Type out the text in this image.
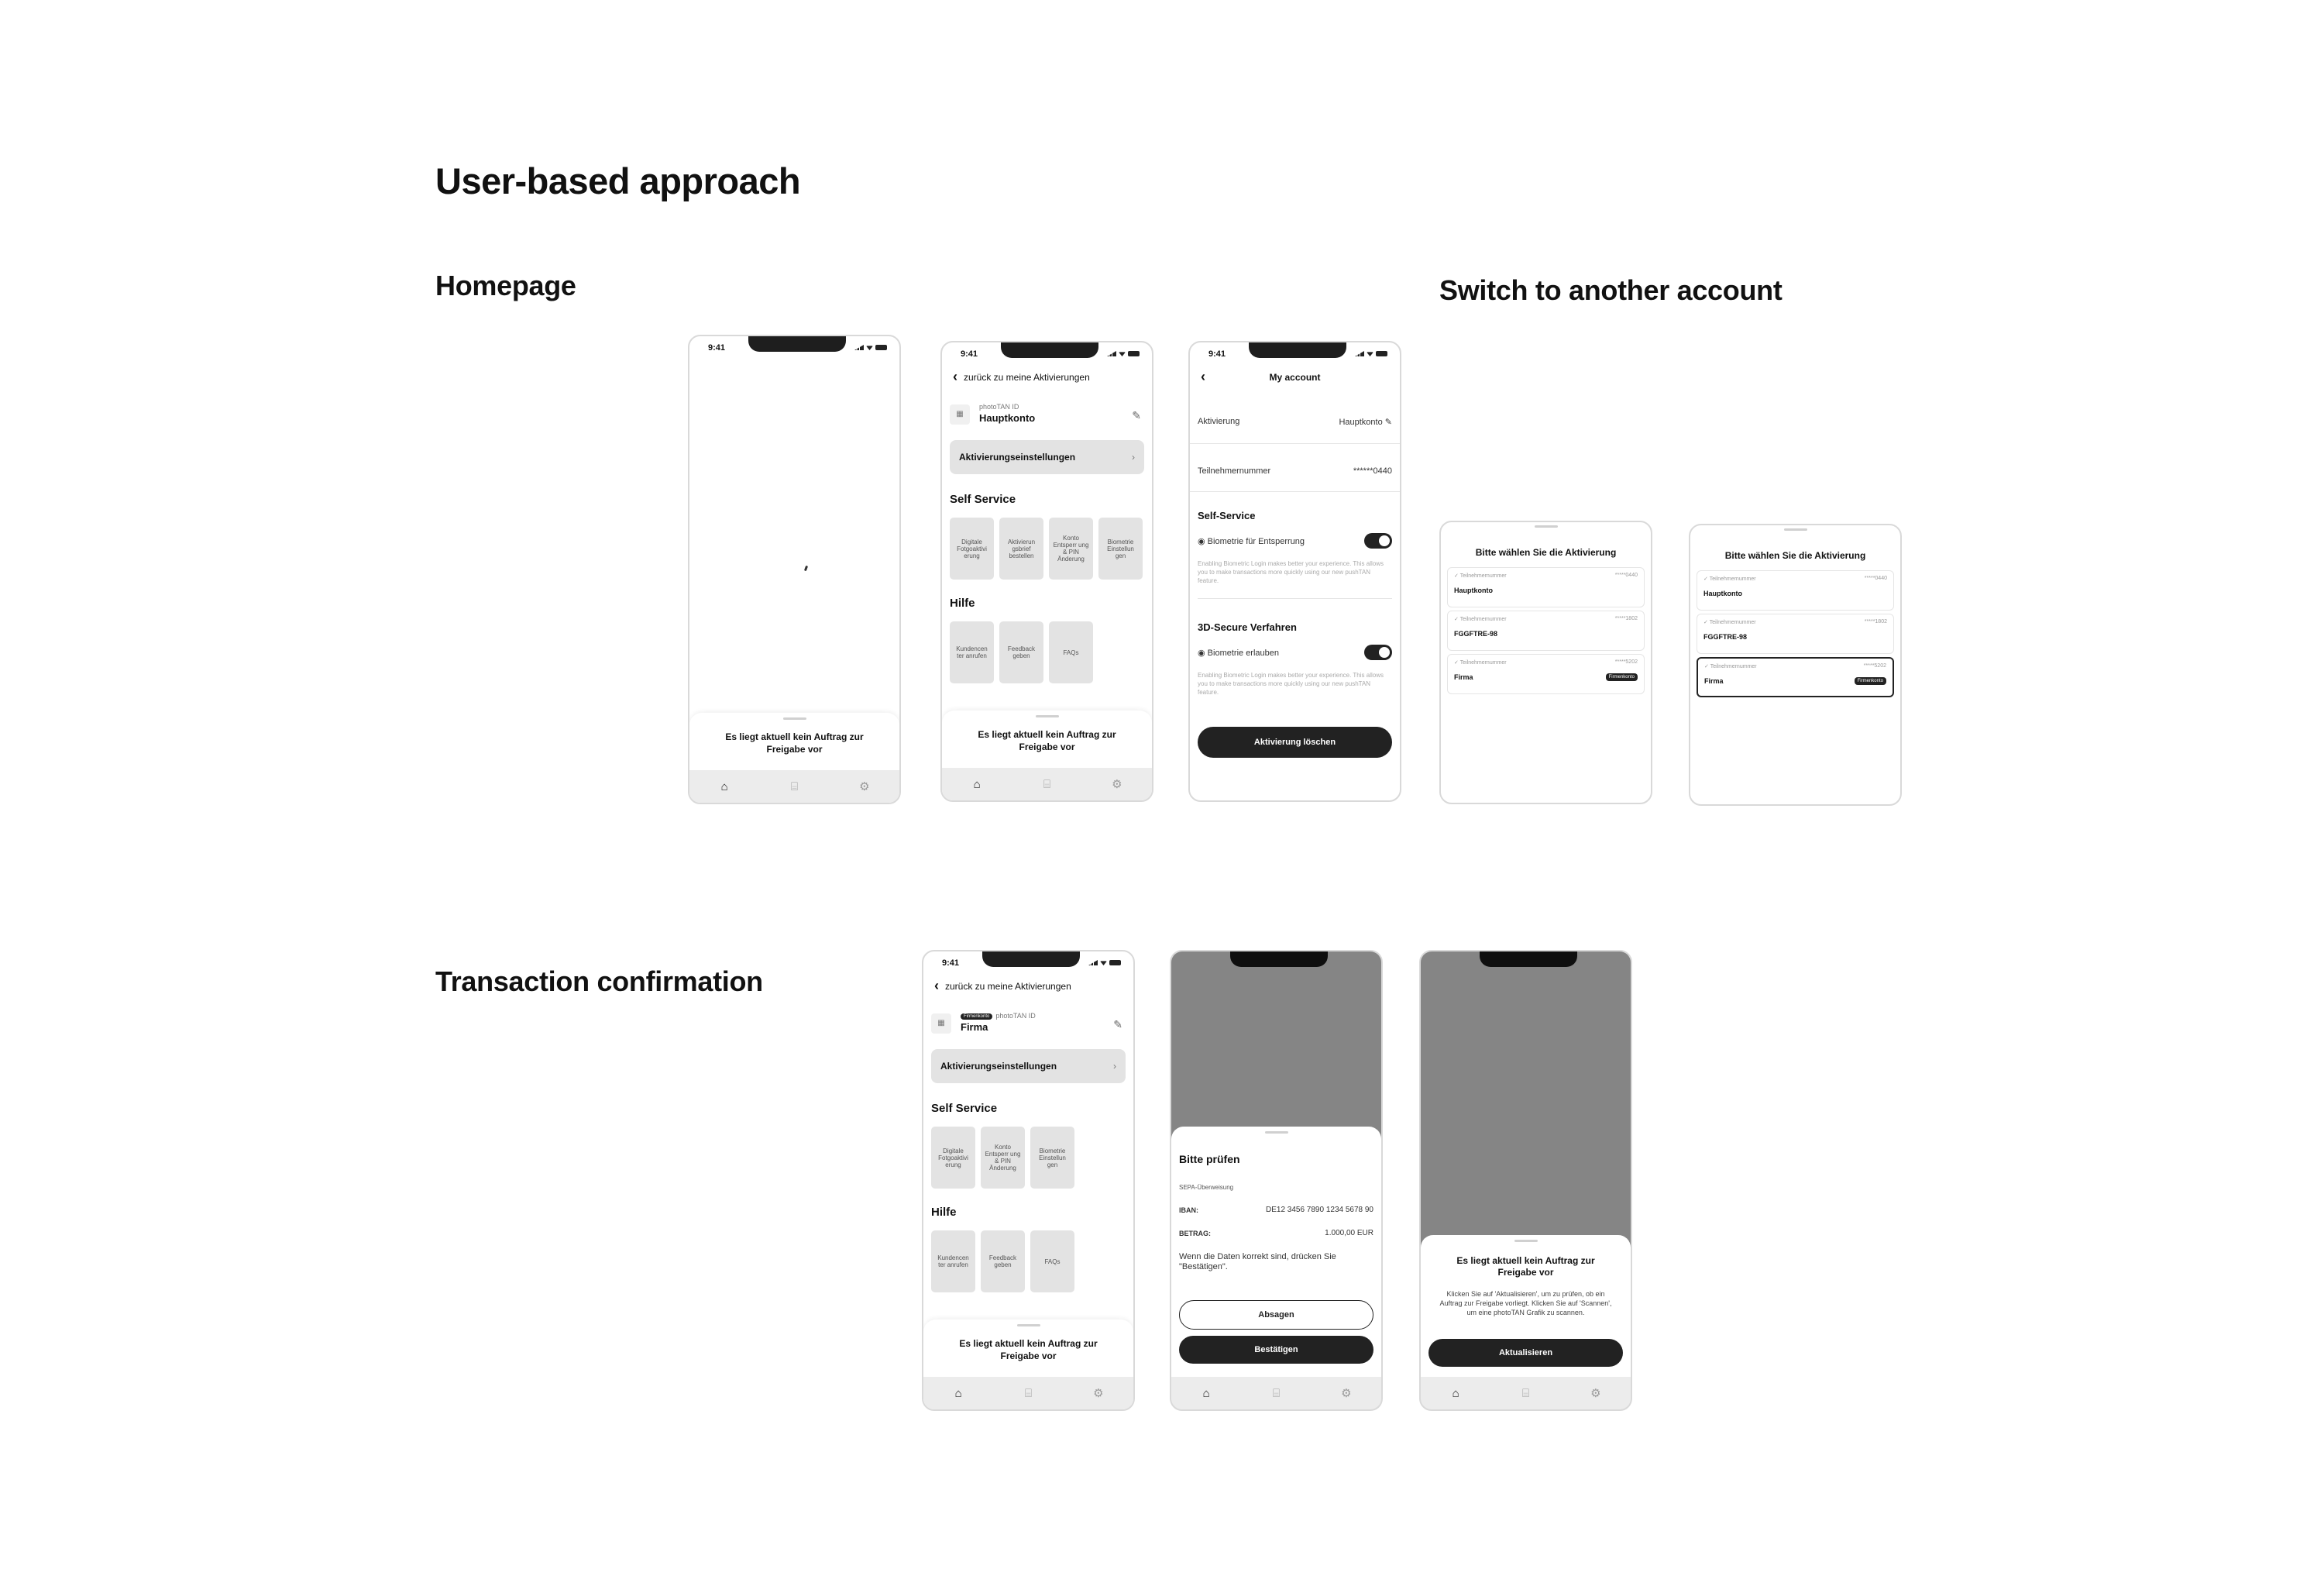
User-based approach
Homepage	Switch to another account
Transaction confirmation
9:41
Es liegt aktuell kein Auftrag zur Freigabe vor
⌂	⌸	⚙
9:41
‹ zurück zu meine Aktivierungen
▦
photoTAN ID
Hauptkonto	✎
Aktivierungseinstellungen	›
Self Service
Digitale Fotgoaktivi erung
Aktivierun gsbrief bestellen
Konto Entsperr ung & PIN Änderung
Biometrie Einstellun gen
Hilfe
Kundencen ter anrufen
Feedback geben	FAQs
Es liegt aktuell kein Auftrag zur Freigabe vor
⌂	⌸	⚙
9:41
‹	My account
Aktivierung	Hauptkonto ✎
Teilnehmernummer	******0440
Self-Service
◉ Biometrie für Entsperrung
Enabling Biometric Login makes better your experience. This allows you to make transactions more quickly using our new pushTAN feature.
3D-Secure Verfahren
◉ Biometrie erlauben
Enabling Biometric Login makes better your experience. This allows you to make transactions more quickly using our new pushTAN feature.
Aktivierung löschen
Bitte wählen Sie die Aktivierung
✓ Teilnehmernummer	*****0440
Hauptkonto
✓ Teilnehmernummer	*****1802
FGGFTRE-98
✓ Teilnehmernummer	*****5202
Firma	Firmenkonto
Bitte wählen Sie die Aktivierung
✓ Teilnehmernummer	*****0440
Hauptkonto
✓ Teilnehmernummer	*****1802
FGGFTRE-98
✓ Teilnehmernummer	*****5202
Firma	Firmenkonto
9:41
‹ zurück zu meine Aktivierungen
▦
Firmenkonto photoTAN ID
Firma	✎
Aktivierungseinstellungen	›
Self Service
Digitale Fotgoaktivi erung
Konto Entsperr ung & PIN Änderung
Biometrie Einstellun gen
Hilfe
Kundencen ter anrufen
Feedback geben	FAQs
Es liegt aktuell kein Auftrag zur Freigabe vor
⌂	⌸	⚙
Bitte prüfen
SEPA-Überweisung
IBAN:	DE12 3456 7890 1234 5678 90
BETRAG:	1.000,00 EUR
Wenn die Daten korrekt sind, drücken Sie "Bestätigen".
Absagen
Bestätigen
⌂	⌸	⚙
Es liegt aktuell kein Auftrag zur Freigabe vor
Klicken Sie auf 'Aktualisieren', um zu prüfen, ob ein Auftrag zur Freigabe vorliegt. Klicken Sie auf 'Scannen', um eine photoTAN Grafik zu scannen.
Aktualisieren
⌂	⌸	⚙
